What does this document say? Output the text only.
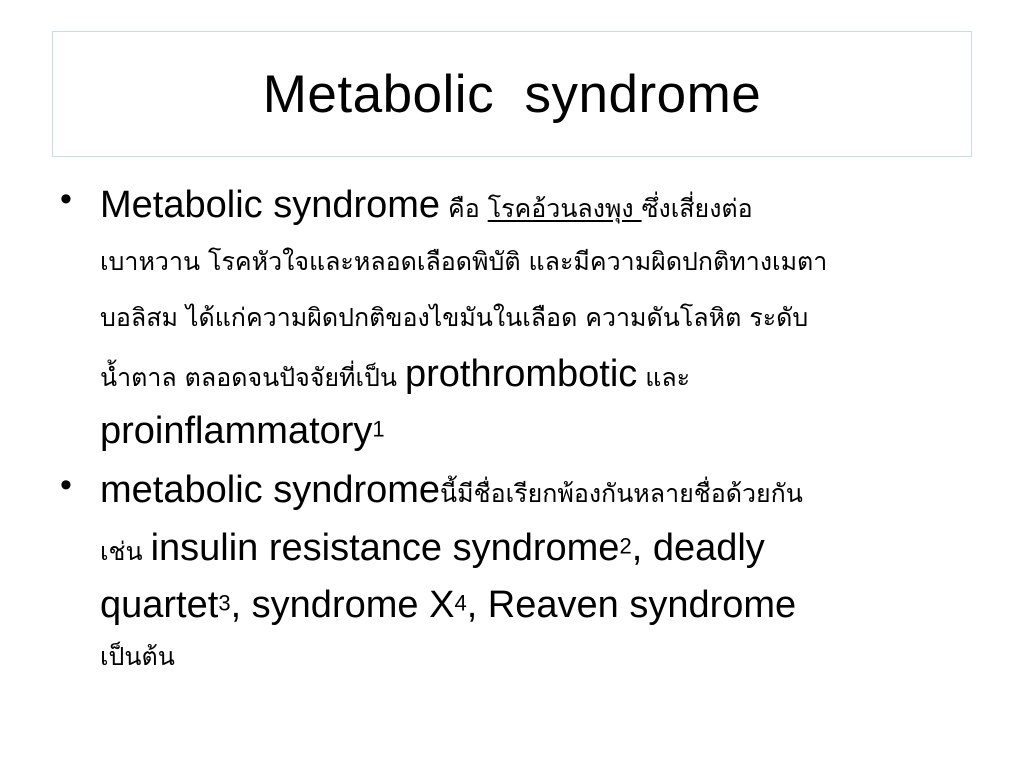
Metabolic  syndrome
• Metabolic syndrome คือ โรคอ้วนลงพุง ซึ่งเสี่ยงต่อ
เบาหวาน โรคหัวใจและหลอดเลือดพิบัติ และมีความผิดปกติทางเมตา
บอลิสม ได้แก่ความผิดปกติของไขมันในเลือด ความดันโลหิต ระดับ
น้ำตาล ตลอดจนปัจจัยที่เป็น prothrombotic และ
proinflammatory1
• metabolic syndromeนี้มีชื่อเรียกพ้องกันหลายชื่อด้วยกัน
เช่น insulin resistance syndrome2, deadly
quartet3, syndrome X4, Reaven syndrome
เป็นต้น
